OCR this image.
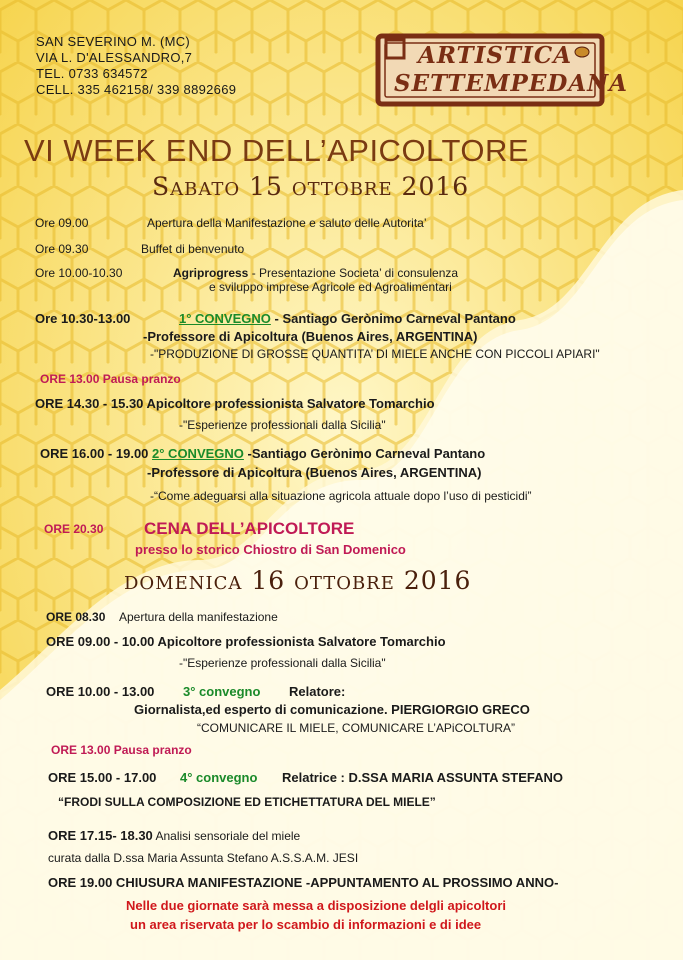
SAN SEVERINO M. (MC)
VIA L. D'ALESSANDRO,7
TEL. 0733 634572
CELL. 335 462158/ 339 8892669
ARTISTICA
SETTEMPEDANA
VI WEEK END DELL’APICOLTORE
Sabato 15 ottobre 2016
Ore 09.00	Apertura della Manifestazione e saluto delle Autorita’
Ore 09.30	Buffet di benvenuto
Ore 10.00-10.30	Agriprogress - Presentazione Societa’ di consulenza
e sviluppo imprese Agricole ed Agroalimentari
Ore 10.30-13.00	1° CONVEGNO - Santiago Gerònimo Carneval Pantano
-Professore di Apicoltura (Buenos Aires, ARGENTINA)
-"PRODUZIONE DI GROSSE QUANTITA’ DI MIELE ANCHE CON PICCOLI APIARI"
ORE 13.00 Pausa pranzo
ORE 14.30 - 15.30 Apicoltore professionista Salvatore Tomarchio
-"Esperienze professionali dalla Sicilia"
ORE 16.00 - 19.00 2° CONVEGNO -Santiago Gerònimo Carneval Pantano
-Professore di Apicoltura (Buenos Aires, ARGENTINA)
-“Come adeguarsi alla situazione agricola attuale dopo l’uso di pesticidi”
ORE 20.30 CENA DELL’APICOLTORE
presso lo storico Chiostro di San Domenico
domenica 16 ottobre 2016
ORE 08.30 Apertura della manifestazione
ORE 09.00 - 10.00 Apicoltore professionista Salvatore Tomarchio
-"Esperienze professionali dalla Sicilia"
ORE 10.00 - 13.00 3° convegno Relatore:
Giornalista,ed esperto di comunicazione. PIERGIORGIO GRECO
“COMUNICARE IL MIELE, COMUNICARE L’APiCOLTURA”
ORE 13.00 Pausa pranzo
ORE 15.00 - 17.00 4° convegno Relatrice : D.SSA MARIA ASSUNTA STEFANO
“FRODI SULLA COMPOSIZIONE ED ETICHETTATURA DEL MIELE”
ORE 17.15- 18.30 Analisi sensoriale del miele
curata dalla D.ssa Maria Assunta Stefano A.S.S.A.M. JESI
ORE 19.00 CHIUSURA MANIFESTAZIONE -APPUNTAMENTO AL PROSSIMO ANNO-
Nelle due giornate sarà messa a disposizione delgli apicoltori
un area riservata per lo scambio di informazioni e di idee
